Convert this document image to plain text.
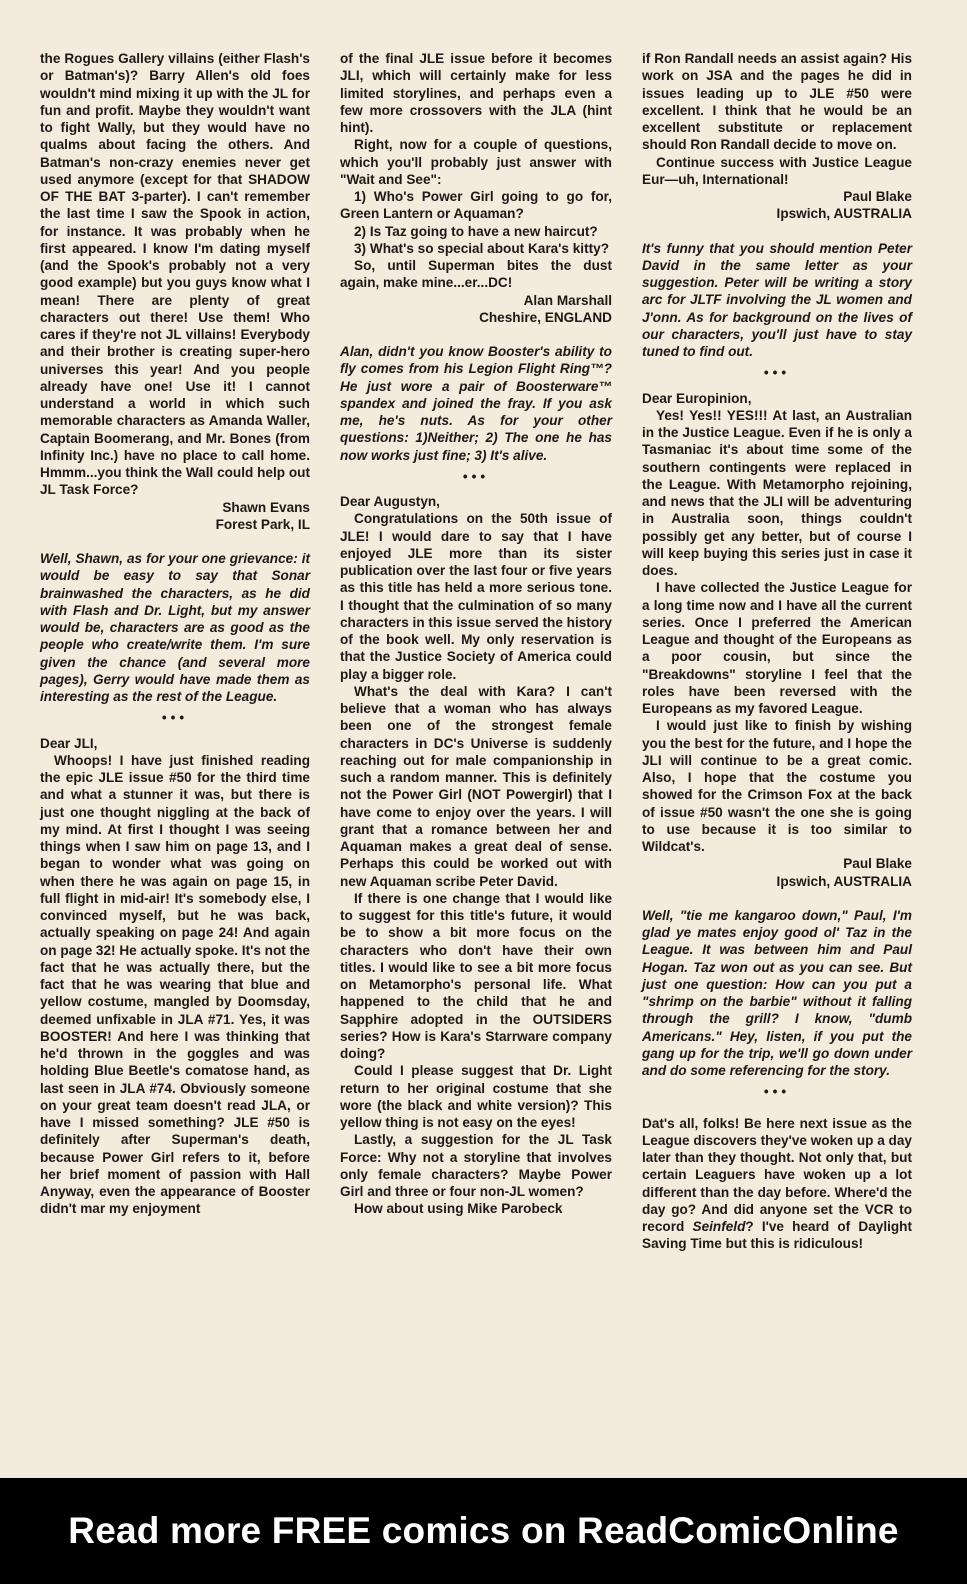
the Rogues Gallery villains (either Flash's or Batman's)? Barry Allen's old foes wouldn't mind mixing it up with the JL for fun and profit. Maybe they wouldn't want to fight Wally, but they would have no qualms about facing the others. And Batman's non-crazy enemies never get used anymore (except for that SHADOW OF THE BAT 3-parter). I can't remember the last time I saw the Spook in action, for instance. It was probably when he first appeared. I know I'm dating myself (and the Spook's probably not a very good example) but you guys know what I mean! There are plenty of great characters out there! Use them! Who cares if they're not JL villains! Everybody and their brother is creating super-hero universes this year! And you people already have one! Use it! I cannot understand a world in which such memorable characters as Amanda Waller, Captain Boomerang, and Mr. Bones (from Infinity Inc.) have no place to call home. Hmmm...you think the Wall could help out JL Task Force?

Shawn Evans

Forest Park, IL

Well, Shawn, as for your one grievance: it would be easy to say that Sonar brainwashed the characters, as he did with Flash and Dr. Light, but my answer would be, characters are as good as the people who create/write them. I'm sure given the chance (and several more pages), Gerry would have made them as interesting as the rest of the League.

•••

Dear JLI,

Whoops! I have just finished reading the epic JLE issue #50 for the third time and what a stunner it was, but there is just one thought niggling at the back of my mind. At first I thought I was seeing things when I saw him on page 13, and I began to wonder what was going on when there he was again on page 15, in full flight in mid-air! It's somebody else, I convinced myself, but he was back, actually speaking on page 24! And again on page 32! He actually spoke. It's not the fact that he was actually there, but the fact that he was wearing that blue and yellow costume, mangled by Doomsday, deemed unfixable in JLA #71. Yes, it was BOOSTER! And here I was thinking that he'd thrown in the goggles and was holding Blue Beetle's comatose hand, as last seen in JLA #74. Obviously someone on your great team doesn't read JLA, or have I missed something? JLE #50 is definitely after Superman's death, because Power Girl refers to it, before her brief moment of passion with Hall Anyway, even the appearance of Booster didn't mar my enjoyment

of the final JLE issue before it becomes JLI, which will certainly make for less limited storylines, and perhaps even a few more crossovers with the JLA (hint hint).

Right, now for a couple of questions, which you'll probably just answer with "Wait and See":

1) Who's Power Girl going to go for, Green Lantern or Aquaman?

2) Is Taz going to have a new haircut?

3) What's so special about Kara's kitty?

So, until Superman bites the dust again, make mine...er...DC!

Alan Marshall

Cheshire, ENGLAND

Alan, didn't you know Booster's ability to fly comes from his Legion Flight Ring™? He just wore a pair of Boosterware™ spandex and joined the fray. If you ask me, he's nuts. As for your other questions: 1)Neither; 2) The one he has now works just fine; 3) It's alive.

•••

Dear Augustyn,

Congratulations on the 50th issue of JLE! I would dare to say that I have enjoyed JLE more than its sister publication over the last four or five years as this title has held a more serious tone. I thought that the culmination of so many characters in this issue served the history of the book well. My only reservation is that the Justice Society of America could play a bigger role.

What's the deal with Kara? I can't believe that a woman who has always been one of the strongest female characters in DC's Universe is suddenly reaching out for male companionship in such a random manner. This is definitely not the Power Girl (NOT Powergirl) that I have come to enjoy over the years. I will grant that a romance between her and Aquaman makes a great deal of sense. Perhaps this could be worked out with new Aquaman scribe Peter David.

If there is one change that I would like to suggest for this title's future, it would be to show a bit more focus on the characters who don't have their own titles. I would like to see a bit more focus on Metamorpho's personal life. What happened to the child that he and Sapphire adopted in the OUTSIDERS series? How is Kara's Starrware company doing?

Could I please suggest that Dr. Light return to her original costume that she wore (the black and white version)? This yellow thing is not easy on the eyes!

Lastly, a suggestion for the JL Task Force: Why not a storyline that involves only female characters? Maybe Power Girl and three or four non-JL women?

How about using Mike Parobeck

if Ron Randall needs an assist again? His work on JSA and the pages he did in issues leading up to JLE #50 were excellent. I think that he would be an excellent substitute or replacement should Ron Randall decide to move on.

Continue success with Justice League Eur—uh, International!

Paul Blake

Ipswich, AUSTRALIA

It's funny that you should mention Peter David in the same letter as your suggestion. Peter will be writing a story arc for JLTF involving the JL women and J'onn. As for background on the lives of our characters, you'll just have to stay tuned to find out.

•••

Dear Europinion,

Yes! Yes!! YES!!! At last, an Australian in the Justice League. Even if he is only a Tasmaniac it's about time some of the southern contingents were replaced in the League. With Metamorpho rejoining, and news that the JLI will be adventuring in Australia soon, things couldn't possibly get any better, but of course I will keep buying this series just in case it does.

I have collected the Justice League for a long time now and I have all the current series. Once I preferred the American League and thought of the Europeans as a poor cousin, but since the "Breakdowns" storyline I feel that the roles have been reversed with the Europeans as my favored League.

I would just like to finish by wishing you the best for the future, and I hope the JLI will continue to be a great comic. Also, I hope that the costume you showed for the Crimson Fox at the back of issue #50 wasn't the one she is going to use because it is too similar to Wildcat's.

Paul Blake

Ipswich, AUSTRALIA

Well, "tie me kangaroo down," Paul, I'm glad ye mates enjoy good ol' Taz in the League. It was between him and Paul Hogan. Taz won out as you can see. But just one question: How can you put a "shrimp on the barbie" without it falling through the grill? I know, "dumb Americans." Hey, listen, if you put the gang up for the trip, we'll go down under and do some referencing for the story.

•••

Dat's all, folks! Be here next issue as the League discovers they've woken up a day later than they thought. Not only that, but certain Leaguers have woken up a lot different than the day before. Where'd the day go? And did anyone set the VCR to record Seinfeld? I've heard of Daylight Saving Time but this is ridiculous!

Read more FREE comics on ReadComicOnline
